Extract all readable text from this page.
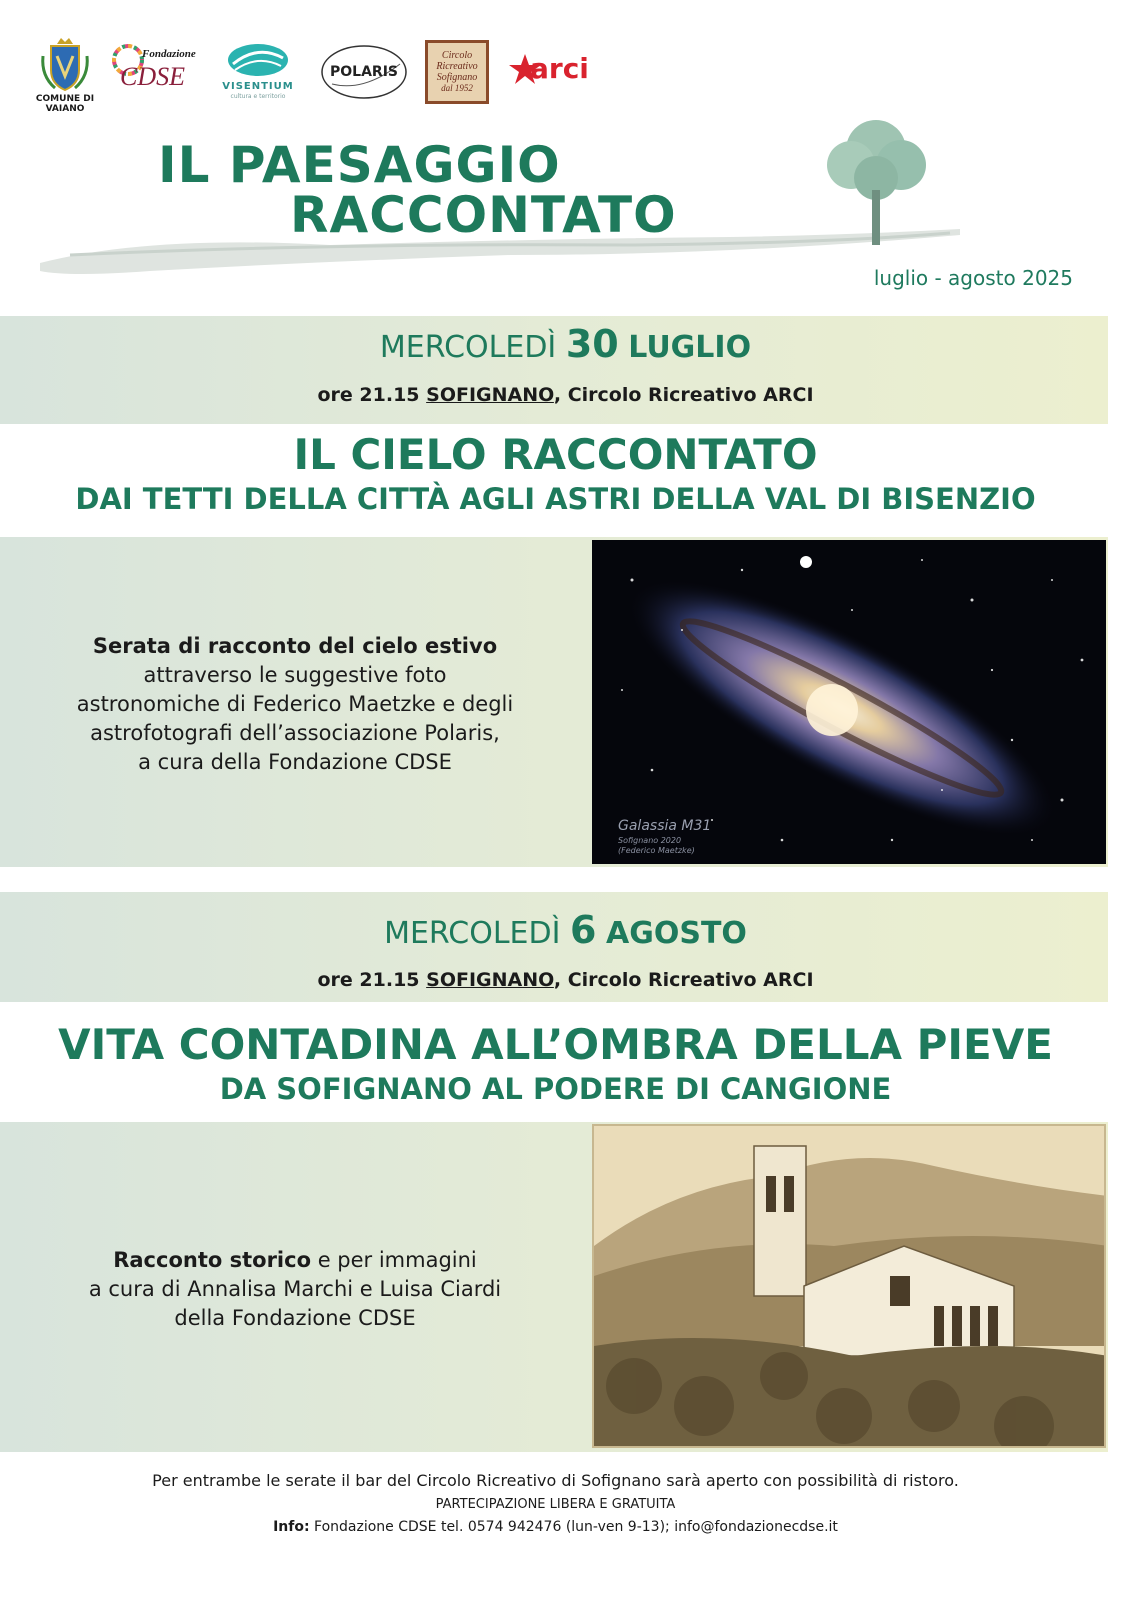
COMUNE DI
VAIANO
Fondazione
CDSE	VISENTIUM
cultura e territorio
POLARIS
Circolo
Ricreativo
Sofignano
dal 1952
arci
IL PAESAGGIO
RACCONTATO
luglio - agosto 2025
MERCOLEDÌ 30 LUGLIO
ore 21.15 SOFIGNANO, Circolo Ricreativo ARCI
IL CIELO RACCONTATO
DAI TETTI DELLA CITTÀ AGLI ASTRI DELLA VAL DI BISENZIO
Serata di racconto del cielo estivo
attraverso le suggestive foto
astronomiche di Federico Maetzke e degli
astrofotografi dell’associazione Polaris,
a cura della Fondazione CDSE
Galassia M31
Sofignano 2020
(Federico Maetzke)
MERCOLEDÌ 6 AGOSTO
ore 21.15 SOFIGNANO, Circolo Ricreativo ARCI
VITA CONTADINA ALL’OMBRA DELLA PIEVE
DA SOFIGNANO AL PODERE DI CANGIONE
Racconto storico e per immagini
a cura di Annalisa Marchi e Luisa Ciardi
della Fondazione CDSE
Per entrambe le serate il bar del Circolo Ricreativo di Sofignano sarà aperto con possibilità di ristoro.
PARTECIPAZIONE LIBERA E GRATUITA
Info: Fondazione CDSE tel. 0574 942476 (lun-ven 9-13); info@fondazionecdse.it
